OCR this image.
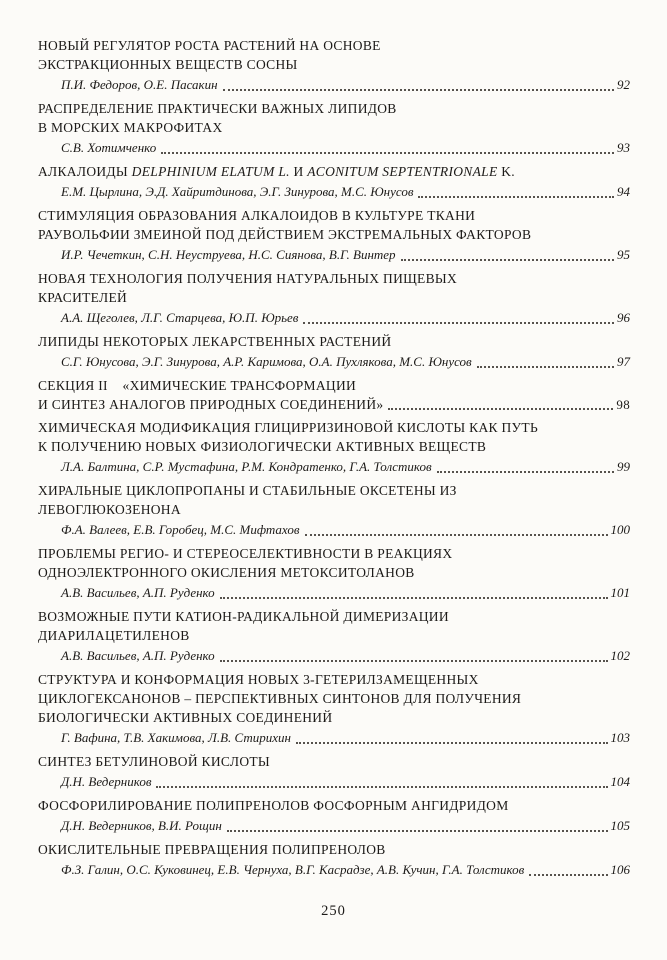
НОВЫЙ РЕГУЛЯТОР РОСТА РАСТЕНИЙ НА ОСНОВЕ
ЭКСТРАКЦИОННЫХ ВЕЩЕСТВ СОСНЫ
П.И. Федоров, О.Е. Пасакин	92
РАСПРЕДЕЛЕНИЕ ПРАКТИЧЕСКИ ВАЖНЫХ ЛИПИДОВ
В МОРСКИХ МАКРОФИТАХ
С.В. Хотимченко	93
АЛКАЛОИДЫ DELPHINIUM ELATUM L. И ACONITUM SEPTENTRIONALE K.
Е.М. Цырлина, Э.Д. Хайритдинова, Э.Г. Зинурова, М.С. Юнусов	94
СТИМУЛЯЦИЯ ОБРАЗОВАНИЯ АЛКАЛОИДОВ В КУЛЬТУРЕ ТКАНИ
РАУВОЛЬФИИ ЗМЕИНОЙ ПОД ДЕЙСТВИЕМ ЭКСТРЕМАЛЬНЫХ ФАКТОРОВ
И.Р. Чечеткин, С.Н. Неуструева, Н.С. Сиянова, В.Г. Винтер	95
НОВАЯ ТЕХНОЛОГИЯ ПОЛУЧЕНИЯ НАТУРАЛЬНЫХ ПИЩЕВЫХ
КРАСИТЕЛЕЙ
А.А. Щеголев, Л.Г. Старцева, Ю.П. Юрьев	96
ЛИПИДЫ НЕКОТОРЫХ ЛЕКАРСТВЕННЫХ РАСТЕНИЙ
С.Г. Юнусова, Э.Г. Зинурова, А.Р. Каримова, О.А. Пухлякова, М.С. Юнусов	97
СЕКЦИЯ II    «ХИМИЧЕСКИЕ ТРАНСФОРМАЦИИ
И СИНТЕЗ АНАЛОГОВ ПРИРОДНЫХ СОЕДИНЕНИЙ»	98
ХИМИЧЕСКАЯ МОДИФИКАЦИЯ ГЛИЦИРРИЗИНОВОЙ КИСЛОТЫ КАК ПУТЬ
К ПОЛУЧЕНИЮ НОВЫХ ФИЗИОЛОГИЧЕСКИ АКТИВНЫХ ВЕЩЕСТВ
Л.А. Балтина, С.Р. Мустафина, Р.М. Кондратенко, Г.А. Толстиков	99
ХИРАЛЬНЫЕ ЦИКЛОПРОПАНЫ И СТАБИЛЬНЫЕ ОКСЕТЕНЫ ИЗ
ЛЕВОГЛЮКОЗЕНОНА
Ф.А. Валеев, Е.В. Горобец, М.С. Мифтахов	100
ПРОБЛЕМЫ РЕГИО- И СТЕРЕОСЕЛЕКТИВНОСТИ В РЕАКЦИЯХ
ОДНОЭЛЕКТРОННОГО ОКИСЛЕНИЯ МЕТОКСИТОЛАНОВ
А.В. Васильев, А.П. Руденко	101
ВОЗМОЖНЫЕ ПУТИ КАТИОН-РАДИКАЛЬНОЙ ДИМЕРИЗАЦИИ
ДИАРИЛАЦЕТИЛЕНОВ
А.В. Васильев, А.П. Руденко	102
СТРУКТУРА И КОНФОРМАЦИЯ НОВЫХ 3-ГЕТЕРИЛЗАМЕЩЕННЫХ
ЦИКЛОГЕКСАНОНОВ – ПЕРСПЕКТИВНЫХ СИНТОНОВ ДЛЯ ПОЛУЧЕНИЯ
БИОЛОГИЧЕСКИ АКТИВНЫХ СОЕДИНЕНИЙ
Г. Вафина, Т.В. Хакимова, Л.В. Стирихин	103
СИНТЕЗ БЕТУЛИНОВОЙ КИСЛОТЫ
Д.Н. Ведерников	104
ФОСФОРИЛИРОВАНИЕ ПОЛИПРЕНОЛОВ ФОСФОРНЫМ АНГИДРИДОМ
Д.Н. Ведерников, В.И. Рощин	105
ОКИСЛИТЕЛЬНЫЕ ПРЕВРАЩЕНИЯ ПОЛИПРЕНОЛОВ
Ф.З. Галин, О.С. Куковинец, Е.В. Чернуха, В.Г. Касрадзе, А.В. Кучин, Г.А. Толстиков	106
250
